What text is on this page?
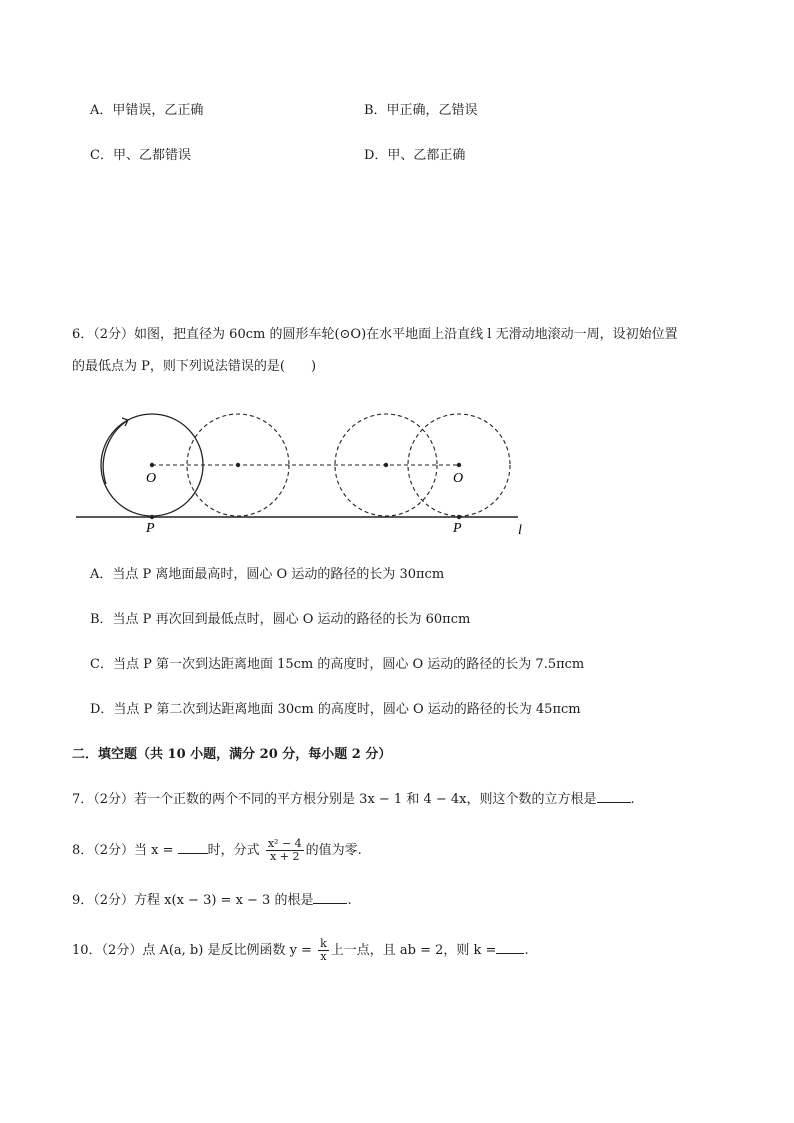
A．甲错误，乙正确	B．甲正确，乙错误
C．甲、乙都错误	D．甲、乙都正确
6．（2分）如图，把直径为 60cm 的圆形车轮(⊙O)在水平地面上沿直线 l 无滑动地滚动一周，设初始位置
的最低点为 P，则下列说法错误的是(　　)
O	O
P	P	l
A．当点 P 离地面最高时，圆心 O 运动的路径的长为 30πcm
B．当点 P 再次回到最低点时，圆心 O 运动的路径的长为 60πcm
C．当点 P 第一次到达距离地面 15cm 的高度时，圆心 O 运动的路径的长为 7.5πcm
D．当点 P 第二次到达距离地面 30cm 的高度时，圆心 O 运动的路径的长为 45πcm
二．填空题（共 10 小题，满分 20 分，每小题 2 分）
7．（2分）若一个正数的两个不同的平方根分别是 3x − 1 和 4 − 4x，则这个数的立方根是	.
8．（2分）当 x =	时，分式 $\frac{\text{x² − 4}}{x + 2}$ 的值为零.
9．（2分）方程 x(x − 3) = x − 3 的根是	.
10．（2分）点 A(a, b) 是反比例函数 $y = \frac{k}{x}$ 上一点，且 ab = 2，则 k = .
